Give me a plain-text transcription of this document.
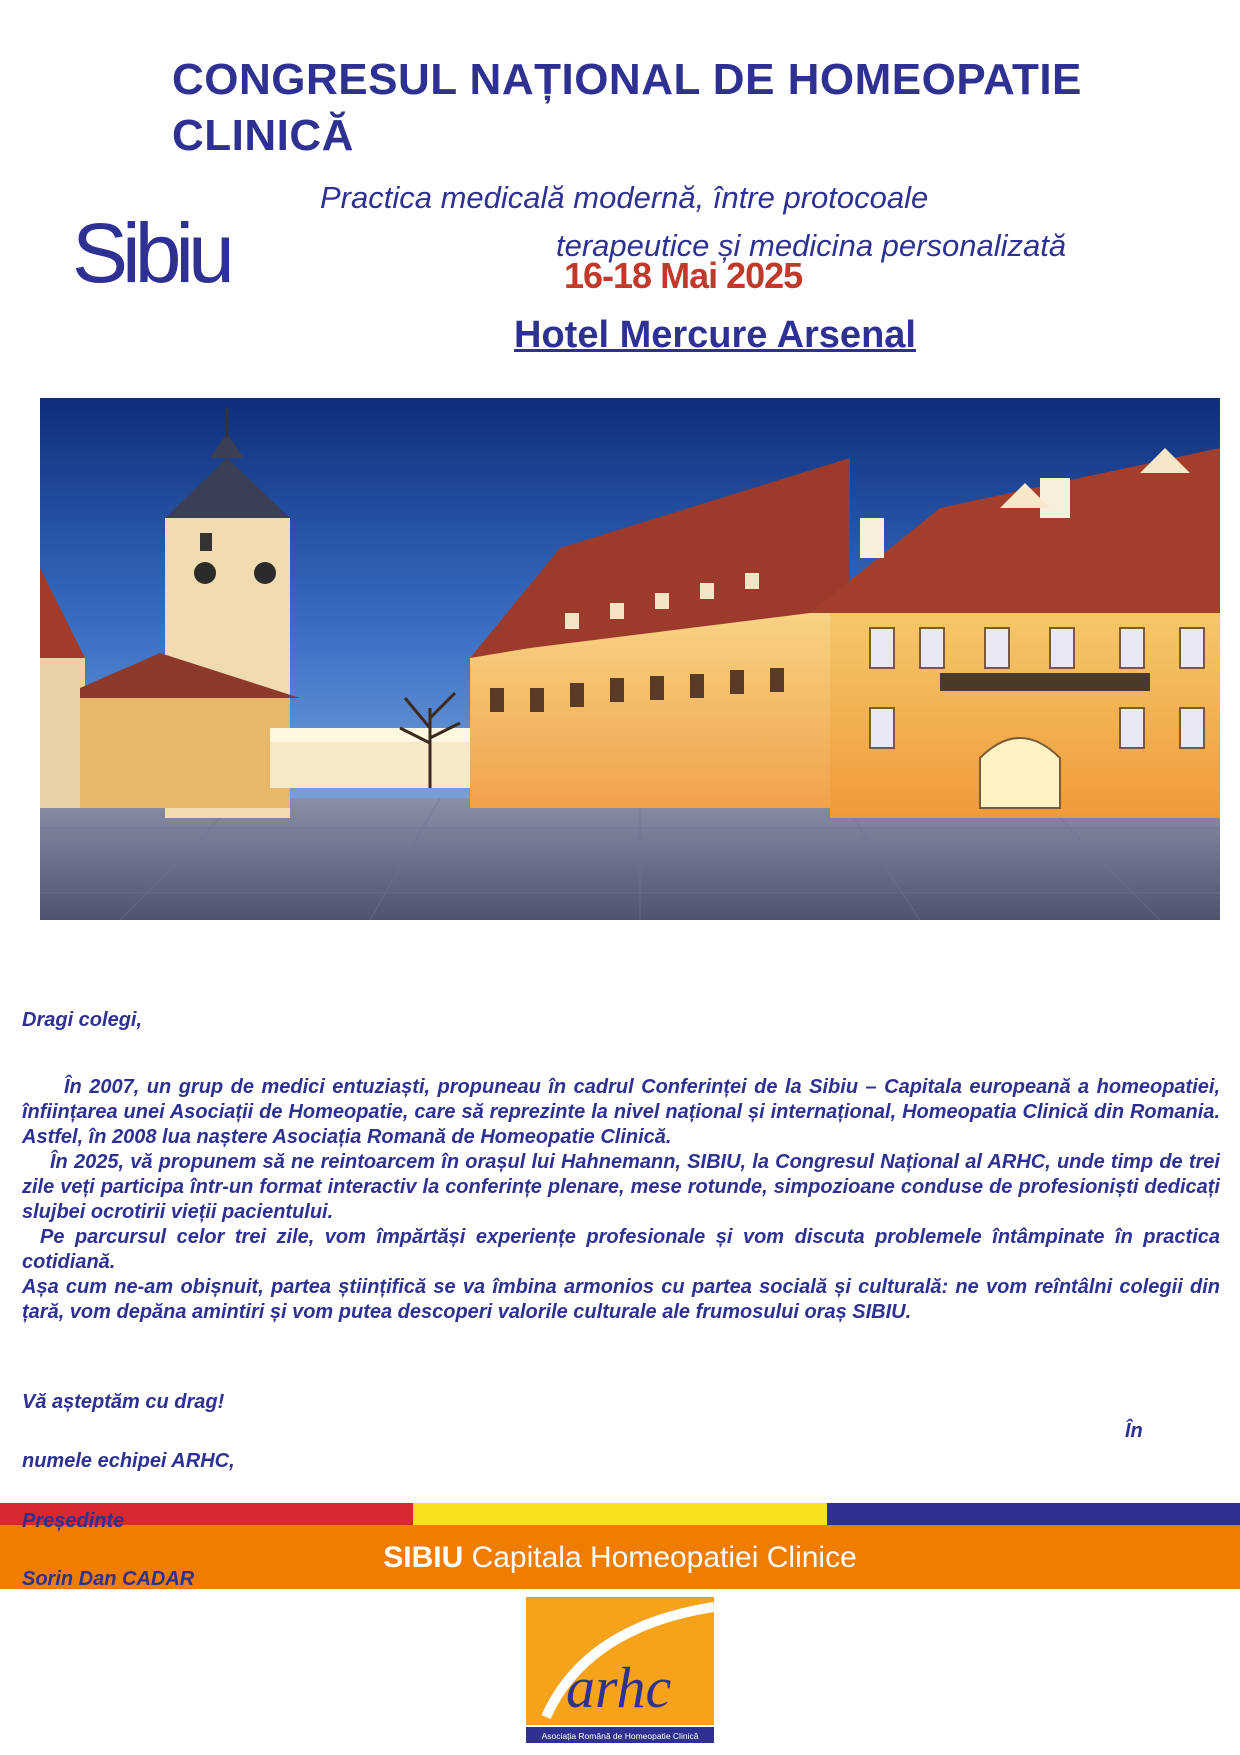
CONGRESUL NAȚIONAL DE HOMEOPATIE
CLINICĂ
Sibiu
Practica medicală modernă, între protocoale
terapeutice și medicina personalizată
16-18 Mai 2025
Hotel Mercure Arsenal
Dragi colegi,

În 2007, un grup de medici entuziaști, propuneau în cadrul Conferinței de la Sibiu – Capitala europeană a homeopatiei, înființarea unei Asociații de Homeopatie, care să reprezinte la nivel național și internațional, Homeopatia Clinică din Romania. Astfel, în 2008 lua naștere Asociația Romană de Homeopatie Clinică.

În 2025, vă propunem să ne reintoarcem în orașul lui Hahnemann, SIBIU, la Congresul Național al ARHC, unde timp de trei zile veți participa într-un format interactiv la conferințe plenare, mese rotunde, simpozioane conduse de profesioniști dedicați slujbei ocrotirii vieții pacientului.

Pe parcursul celor trei zile, vom împărtăși experiențe profesionale și vom discuta problemele întâmpinate în practica cotidiană.

Așa cum ne-am obișnuit, partea științifică se va îmbina armonios cu partea socială și culturală: ne vom reîntâlni colegii din țară, vom depăna amintiri și vom putea descoperi valorile culturale ale frumosului oraș SIBIU.

Vă așteptăm cu drag!
În
numele echipei ARHC,
Președinte
Sorin Dan CADAR
SIBIU Capitala Homeopatiei Clinice
arhc
Asociația Română de Homeopatie Clinică
